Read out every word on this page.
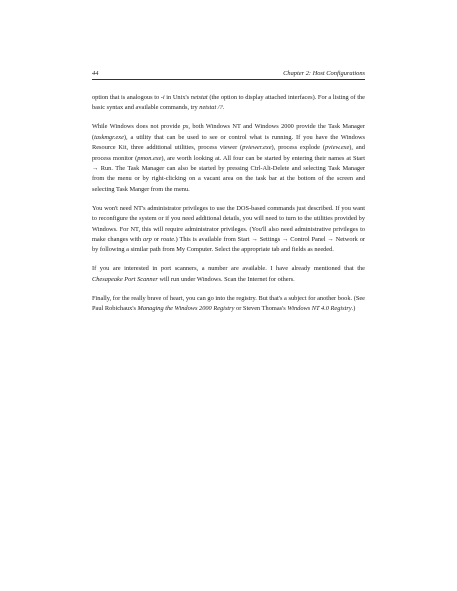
44	Chapter 2: Host Configurations

option that is analogous to -i in Unix's netstat (the option to display attached interfaces). For a listing of the basic syntax and available commands, try netstat /?.

While Windows does not provide ps, both Windows NT and Windows 2000 provide the Task Manager (taskmgr.exe), a utility that can be used to see or control what is running. If you have the Windows Resource Kit, three additional utilities, process viewer (pviewer.exe), process explode (pview.exe), and process monitor (pmon.exe), are worth looking at. All four can be started by entering their names at Start → Run. The Task Manager can also be started by pressing Ctrl-Alt-Delete and selecting Task Manager from the menu or by right-clicking on a vacant area on the task bar at the bottom of the screen and selecting Task Manger from the menu.

You won't need NT's administrator privileges to use the DOS-based commands just described. If you want to reconfigure the system or if you need additional details, you will need to turn to the utilities provided by Windows. For NT, this will require administrator privileges. (You'll also need administrative privileges to make changes with arp or route.) This is available from Start → Settings → Control Panel → Network or by following a similar path from My Computer. Select the appropriate tab and fields as needed.

If you are interested in port scanners, a number are available. I have already mentioned that the Chesapeake Port Scanner will run under Windows. Scan the Internet for others.

Finally, for the really brave of heart, you can go into the registry. But that's a subject for another book. (See Paul Robichaux's Managing the Windows 2000 Registry or Steven Thomas's Windows NT 4.0 Registry.)
